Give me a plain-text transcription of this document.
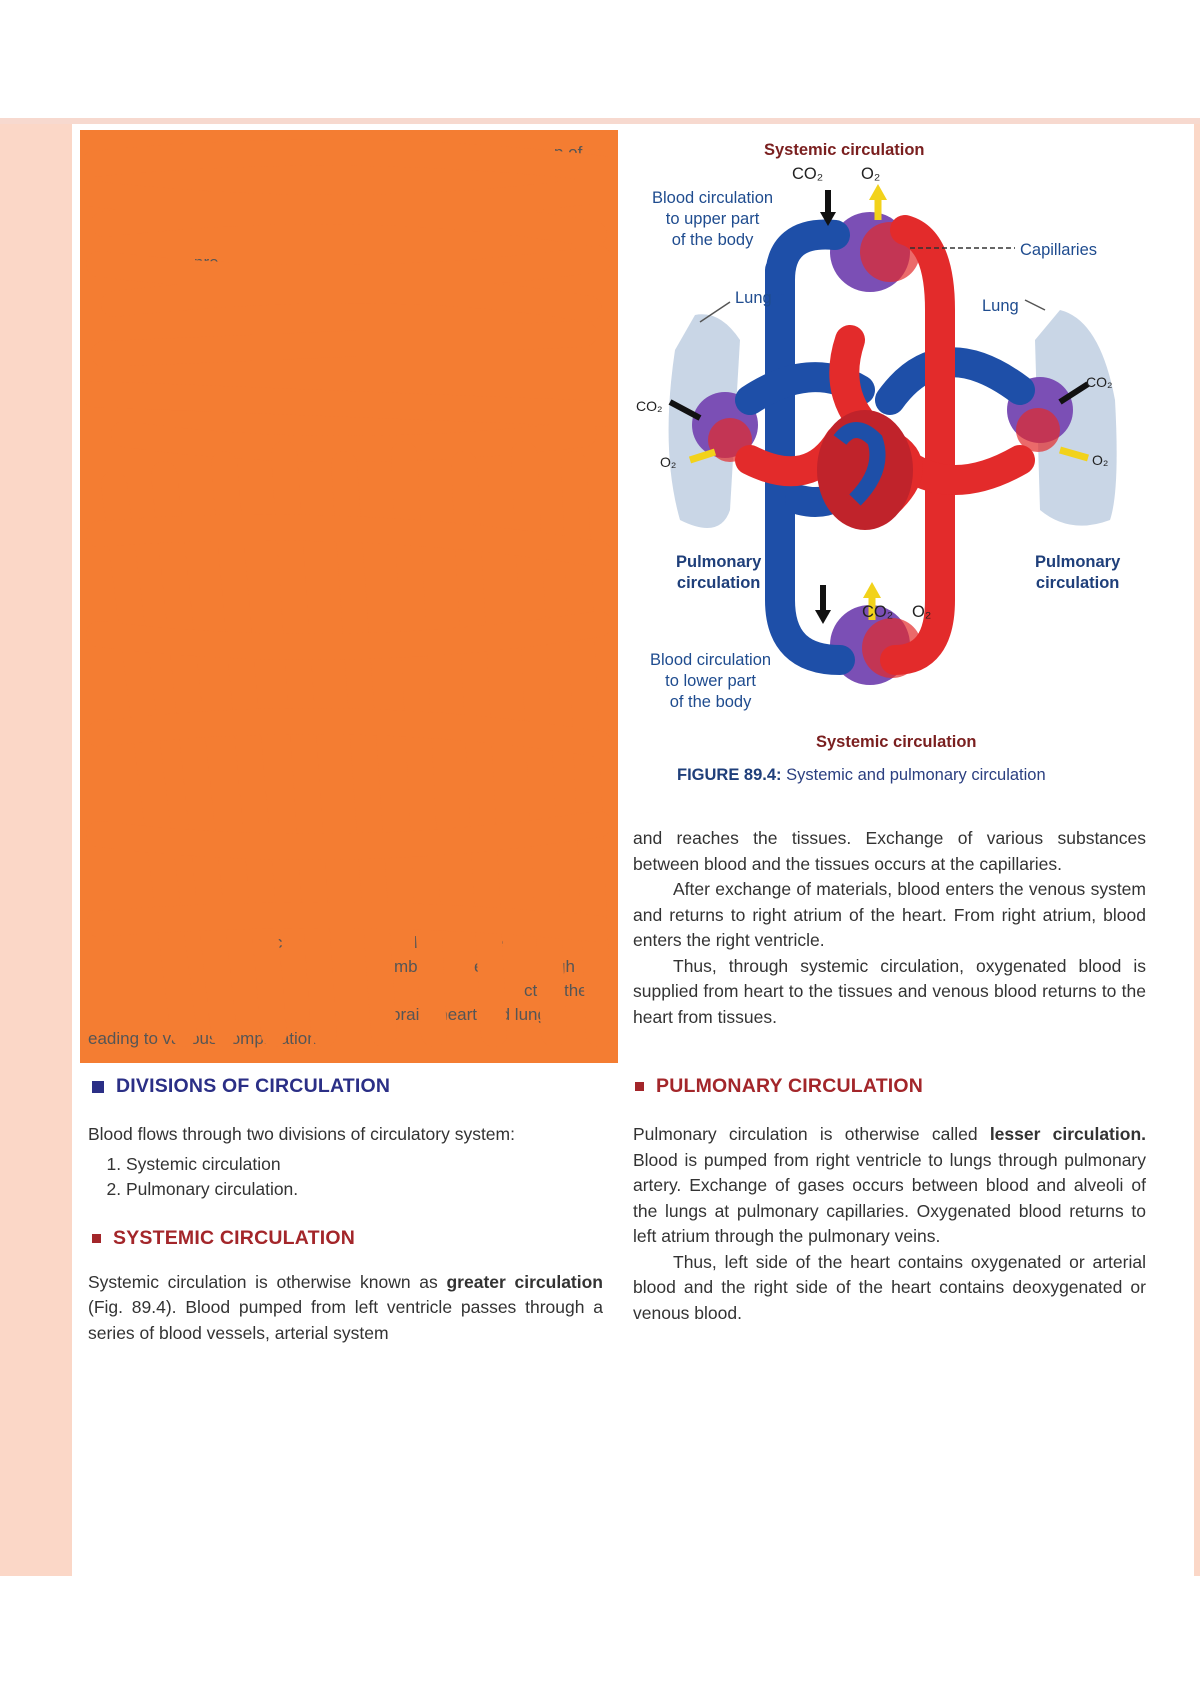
W	venae cavae are	de	p of
pre.
Ar rie
or c	bo	e
mb	el	gh
ct the
is brain, heart and lungs,
eading to various complications
Systemic circulation
CO₂ O₂
Blood circulation
to upper part
of the body
Capillaries
Lung	Lung
CO₂
O₂
CO₂
O₂
Pulmonary
circulation
Pulmonary
circulation
CO₂ O₂
Blood circulation
to lower part
of the body
Systemic circulation
FIGURE 89.4: Systemic and pulmonary circulation

and reaches the tissues. Exchange of various substances between blood and the tissues occurs at the capillaries.

After exchange of materials, blood enters the venous system and returns to right atrium of the heart. From right atrium, blood enters the right ventricle.

Thus, through systemic circulation, oxygenated blood is supplied from heart to the tissues and venous blood returns to the heart from tissues.

DIVISIONS OF CIRCULATION

Blood flows through two divisions of circulatory system:

1. Systemic circulation
2. Pulmonary circulation.
SYSTEMIC CIRCULATION

Systemic circulation is otherwise known as greater circulation (Fig. 89.4). Blood pumped from left ventricle passes through a series of blood vessels, arterial system

PULMONARY CIRCULATION

Pulmonary circulation is otherwise called lesser circulation. Blood is pumped from right ventricle to lungs through pulmonary artery. Exchange of gases occurs between blood and alveoli of the lungs at pulmonary capillaries. Oxygenated blood returns to left atrium through the pulmonary veins.

Thus, left side of the heart contains oxygenated or arterial blood and the right side of the heart contains deoxygenated or venous blood.
